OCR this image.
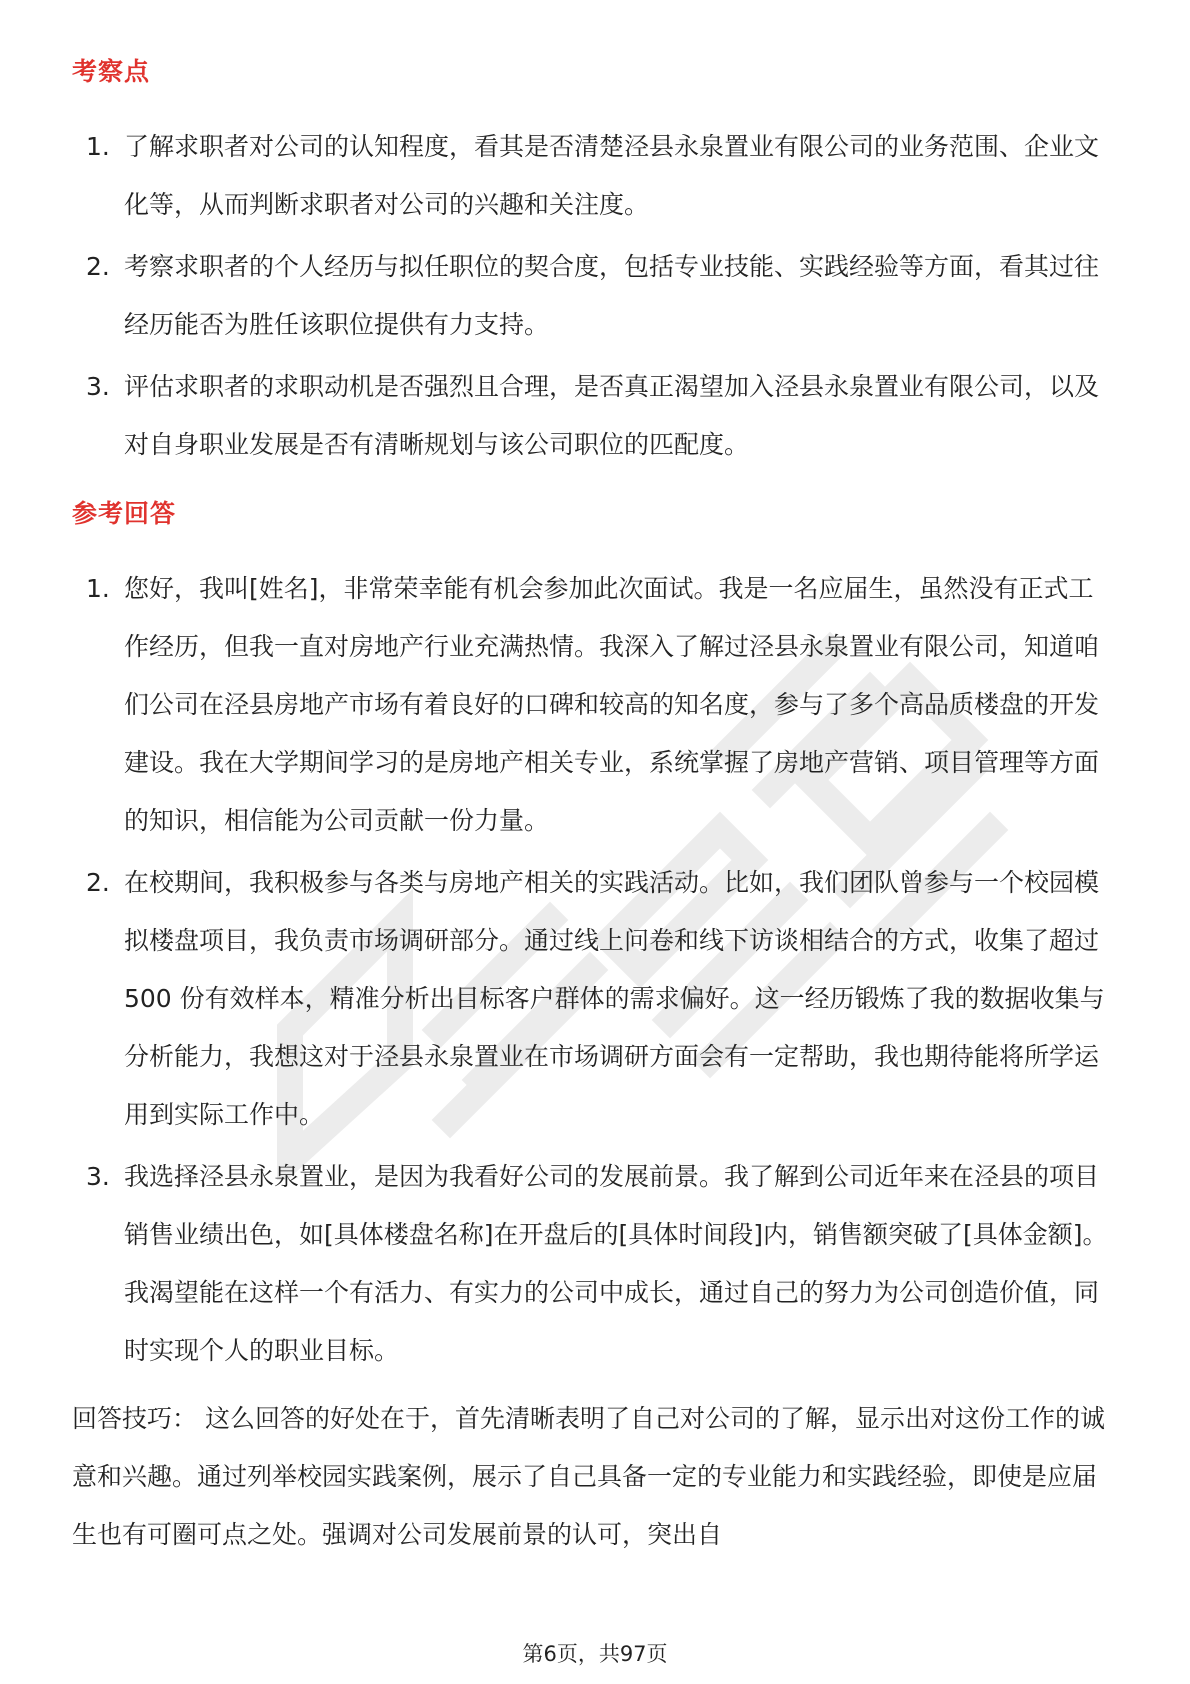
考察点
1. 了解求职者对公司的认知程度，看其是否清楚泾县永泉置业有限公司的业务范围、企业文化等，从而判断求职者对公司的兴趣和关注度。
2. 考察求职者的个人经历与拟任职位的契合度，包括专业技能、实践经验等方面，看其过往经历能否为胜任该职位提供有力支持。
3. 评估求职者的求职动机是否强烈且合理，是否真正渴望加入泾县永泉置业有限公司，以及对自身职业发展是否有清晰规划与该公司职位的匹配度。
参考回答
1. 您好，我叫[姓名]，非常荣幸能有机会参加此次面试。我是一名应届生，虽然没有正式工作经历，但我一直对房地产行业充满热情。我深入了解过泾县永泉置业有限公司，知道咱们公司在泾县房地产市场有着良好的口碑和较高的知名度，参与了多个高品质楼盘的开发建设。我在大学期间学习的是房地产相关专业，系统掌握了房地产营销、项目管理等方面的知识，相信能为公司贡献一份力量。
2. 在校期间，我积极参与各类与房地产相关的实践活动。比如，我们团队曾参与一个校园模拟楼盘项目，我负责市场调研部分。通过线上问卷和线下访谈相结合的方式，收集了超过 500 份有效样本，精准分析出目标客户群体的需求偏好。这一经历锻炼了我的数据收集与分析能力，我想这对于泾县永泉置业在市场调研方面会有一定帮助，我也期待能将所学运用到实际工作中。
3. 我选择泾县永泉置业，是因为我看好公司的发展前景。我了解到公司近年来在泾县的项目销售业绩出色，如[具体楼盘名称]在开盘后的[具体时间段]内，销售额突破了[具体金额]。我渴望能在这样一个有活力、有实力的公司中成长，通过自己的努力为公司创造价值，同时实现个人的职业目标。
回答技巧： 这么回答的好处在于，首先清晰表明了自己对公司的了解，显示出对这份工作的诚意和兴趣。通过列举校园实践案例，展示了自己具备一定的专业能力和实践经验，即使是应届生也有可圈可点之处。强调对公司发展前景的认可，突出自
第6页，共97页
